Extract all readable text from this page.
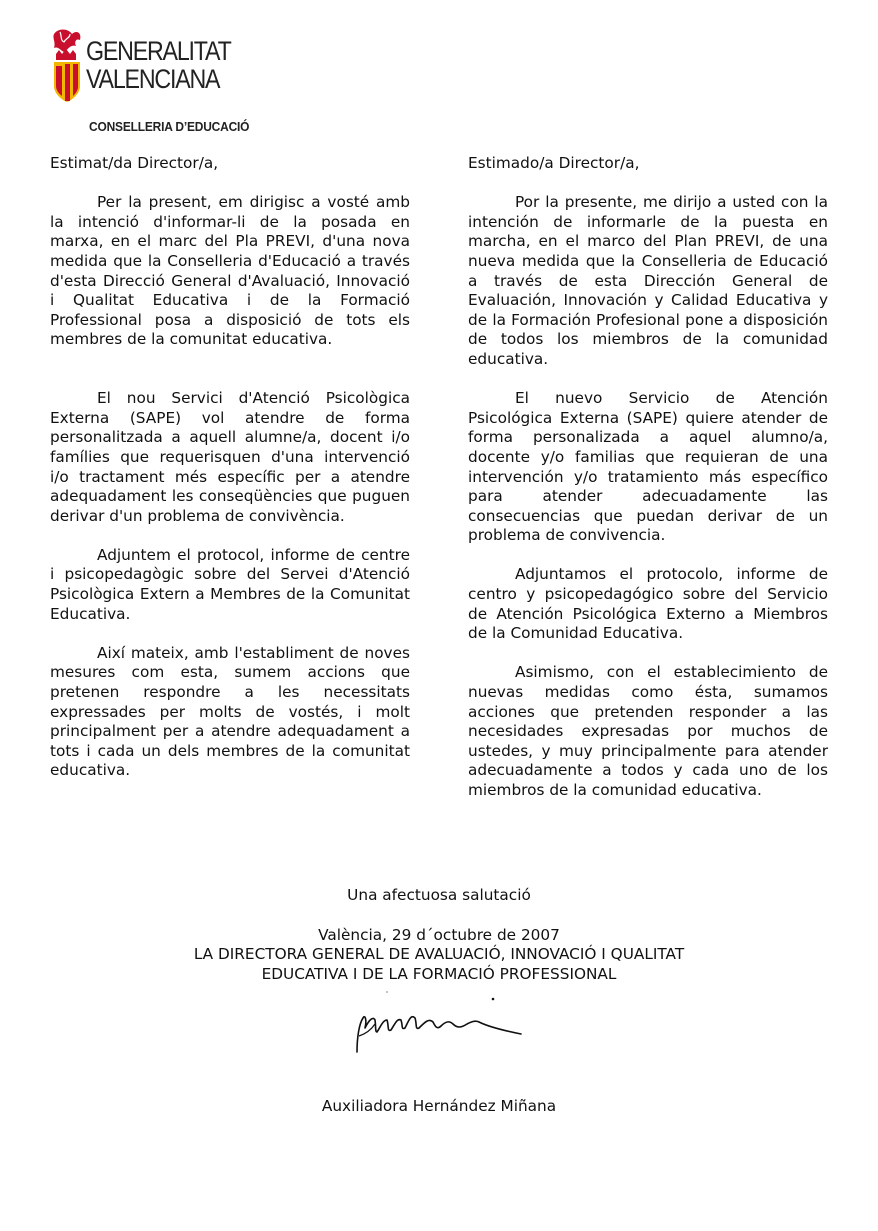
GENERALITAT
VALENCIANA
CONSELLERIA D’EDUCACIÓ

Estimat/da Director/a,

Per la present, em dirigisc a vosté amb la intenció d'informar-li de la posada en marxa, en el marc del Pla PREVI, d'una nova medida que la Conselleria d'Educació a través d'esta Direcció General d'Avaluació, Innovació i Qualitat Educativa i de la Formació Professional posa a disposició de tots els membres de la comunitat educativa.

El nou Servici d'Atenció Psicològica Externa (SAPE) vol atendre de forma personalitzada a aquell alumne/a, docent i/o famílies que requerisquen d'una intervenció i/o tractament més específic per a atendre adequadament les conseqüències que puguen derivar d'un problema de convivència.

Adjuntem el protocol, informe de centre i psicopedagògic sobre del Servei d'Atenció Psicològica Extern a Membres de la Comunitat Educativa.

Així mateix, amb l'establiment de noves mesures com esta, sumem accions que pretenen respondre a les necessitats expressades per molts de vostés, i molt principalment per a atendre adequadament a tots i cada un dels membres de la comunitat educativa.

Estimado/a Director/a,

Por la presente, me dirijo a usted con la intención de informarle de la puesta en marcha, en el marco del Plan PREVI, de una nueva medida que la Conselleria de Educació a través de esta Dirección General de Evaluación, Innovación y Calidad Educativa y de la Formación Profesional pone a disposición de todos los miembros de la comunidad educativa.

El nuevo Servicio de Atención Psicológica Externa (SAPE) quiere atender de forma personalizada a aquel alumno/a, docente y/o familias que requieran de una intervención y/o tratamiento más específico para atender adecuadamente las consecuencias que puedan derivar de un problema de convivencia.

Adjuntamos el protocolo, informe de centro y psicopedagógico sobre del Servicio de Atención Psicológica Externo a Miembros de la Comunidad Educativa.

Asimismo, con el establecimiento de nuevas medidas como ésta, sumamos acciones que pretenden responder a las necesidades expresadas por muchos de ustedes, y muy principalmente para atender adecuadamente a todos y cada uno de los miembros de la comunidad educativa.

Una afectuosa salutació
València, 29 d´octubre de 2007
LA DIRECTORA GENERAL DE AVALUACIÓ, INNOVACIÓ I QUALITAT
EDUCATIVA I DE LA FORMACIÓ PROFESSIONAL
Auxiliadora Hernández Miñana
